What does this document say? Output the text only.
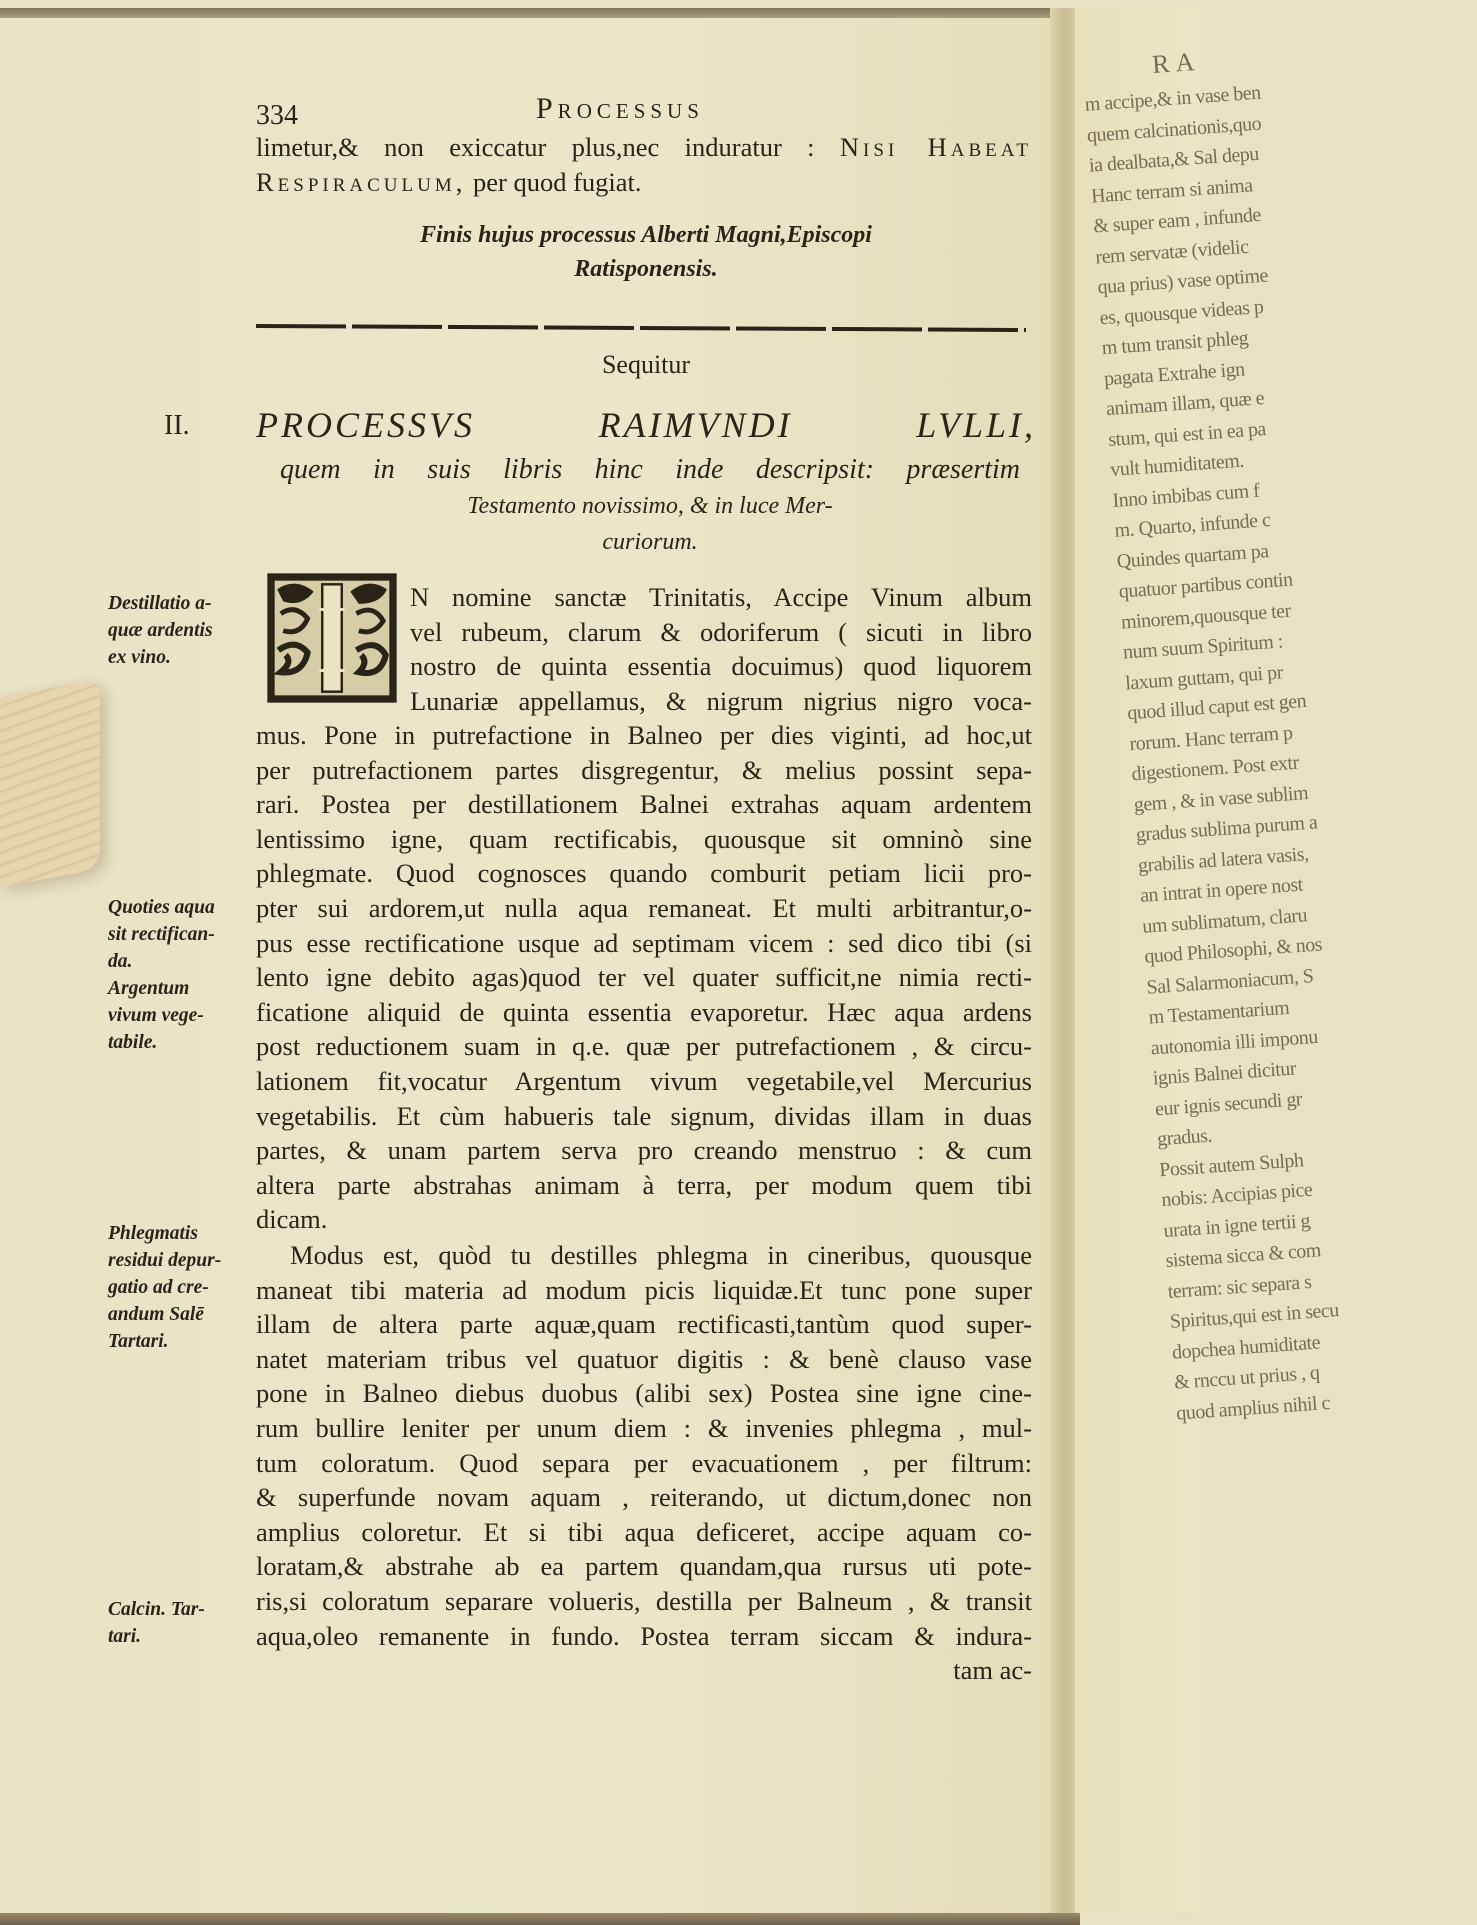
334	Processus
limetur,& non exiccatur plus,nec induratur : Nisi Habeat
Respiraculum, per quod fugiat.
Finis hujus processus Alberti Magni,Episcopi
Ratisponensis.
Sequitur
II. PROCESSVS RAIMVNDI LVLLI,
quem in suis libris hinc inde descripsit: præsertim
Testamento novissimo, & in luce Mer-
curiorum.
Destillatio a-
quæ ardentis
ex vino.
Quoties aqua
sit rectifican-
da.
Argentum
vivum vege-
tabile.
Phlegmatis
residui depur-
gatio ad cre-
andum Salē
Tartari.
Calcin. Tar-
tari.
I N nomine sanctæ Trinitatis, Accipe Vinum album
vel rubeum, clarum & odoriferum ( sicuti in libro
nostro de quinta essentia docuimus) quod liquorem
Lunariæ appellamus, & nigrum nigrius nigro voca-
mus. Pone in putrefactione in Balneo per dies viginti, ad hoc,ut
per putrefactionem partes disgregentur, & melius possint sepa-
rari. Postea per destillationem Balnei extrahas aquam ardentem
lentissimo igne, quam rectificabis, quousque sit omninò sine
phlegmate. Quod cognosces quando comburit petiam licii pro-
pter sui ardorem,ut nulla aqua remaneat. Et multi arbitrantur,o-
pus esse rectificatione usque ad septimam vicem : sed dico tibi (si
lento igne debito agas)quod ter vel quater sufficit,ne nimia recti-
ficatione aliquid de quinta essentia evaporetur. Hæc aqua ardens
post reductionem suam in q.e. quæ per putrefactionem , & circu-
lationem fit,vocatur Argentum vivum vegetabile,vel Mercurius
vegetabilis. Et cùm habueris tale signum, dividas illam in duas
partes, & unam partem serva pro creando menstruo : & cum
altera parte abstrahas animam à terra, per modum quem tibi
dicam.
Modus est, quòd tu destilles phlegma in cineribus, quousque
maneat tibi materia ad modum picis liquidæ.Et tunc pone super
illam de altera parte aquæ,quam rectificasti,tantùm quod super-
natet materiam tribus vel quatuor digitis : & benè clauso vase
pone in Balneo diebus duobus (alibi sex) Postea sine igne cine-
rum bullire leniter per unum diem : & invenies phlegma , mul-
tum coloratum. Quod separa per evacuationem , per filtrum:
& superfunde novam aquam , reiterando, ut dictum,donec non
amplius coloretur. Et si tibi aqua deficeret, accipe aquam co-
loratam,& abstrahe ab ea partem quandam,qua rursus uti pote-
ris,si coloratum separare volueris, destilla per Balneum , & transit
aqua,oleo remanente in fundo. Postea terram siccam & indura-
tam ac-
RA
m accipe,& in vase ben
quem calcinationis,quo
ia dealbata,& Sal depu
Hanc terram si anima
& super eam , infunde
rem servatæ (videlic
qua prius) vase optime
es, quousque videas p
m tum transit phleg
pagata Extrahe ign
animam illam, quæ e
stum, qui est in ea pa
vult humiditatem.
Inno imbibas cum f
m. Quarto, infunde c
Quindes quartam pa
quatuor partibus contin
minorem,quousque ter
num suum Spiritum :
laxum guttam, qui pr
quod illud caput est gen
rorum. Hanc terram p
digestionem. Post extr
gem , & in vase sublim
gradus sublima purum a
grabilis ad latera vasis,
an intrat in opere nost
um sublimatum, claru
quod Philosophi, & nos
Sal Salarmoniacum, S
m Testamentarium
autonomia illi imponu
ignis Balnei dicitur
eur ignis secundi gr
gradus.
Possit autem Sulph
nobis: Accipias pice
urata in igne tertii g
sistema sicca & com
terram: sic separa s
Spiritus,qui est in secu
dopchea humiditate
& rnccu ut prius , q
quod amplius nihil c
